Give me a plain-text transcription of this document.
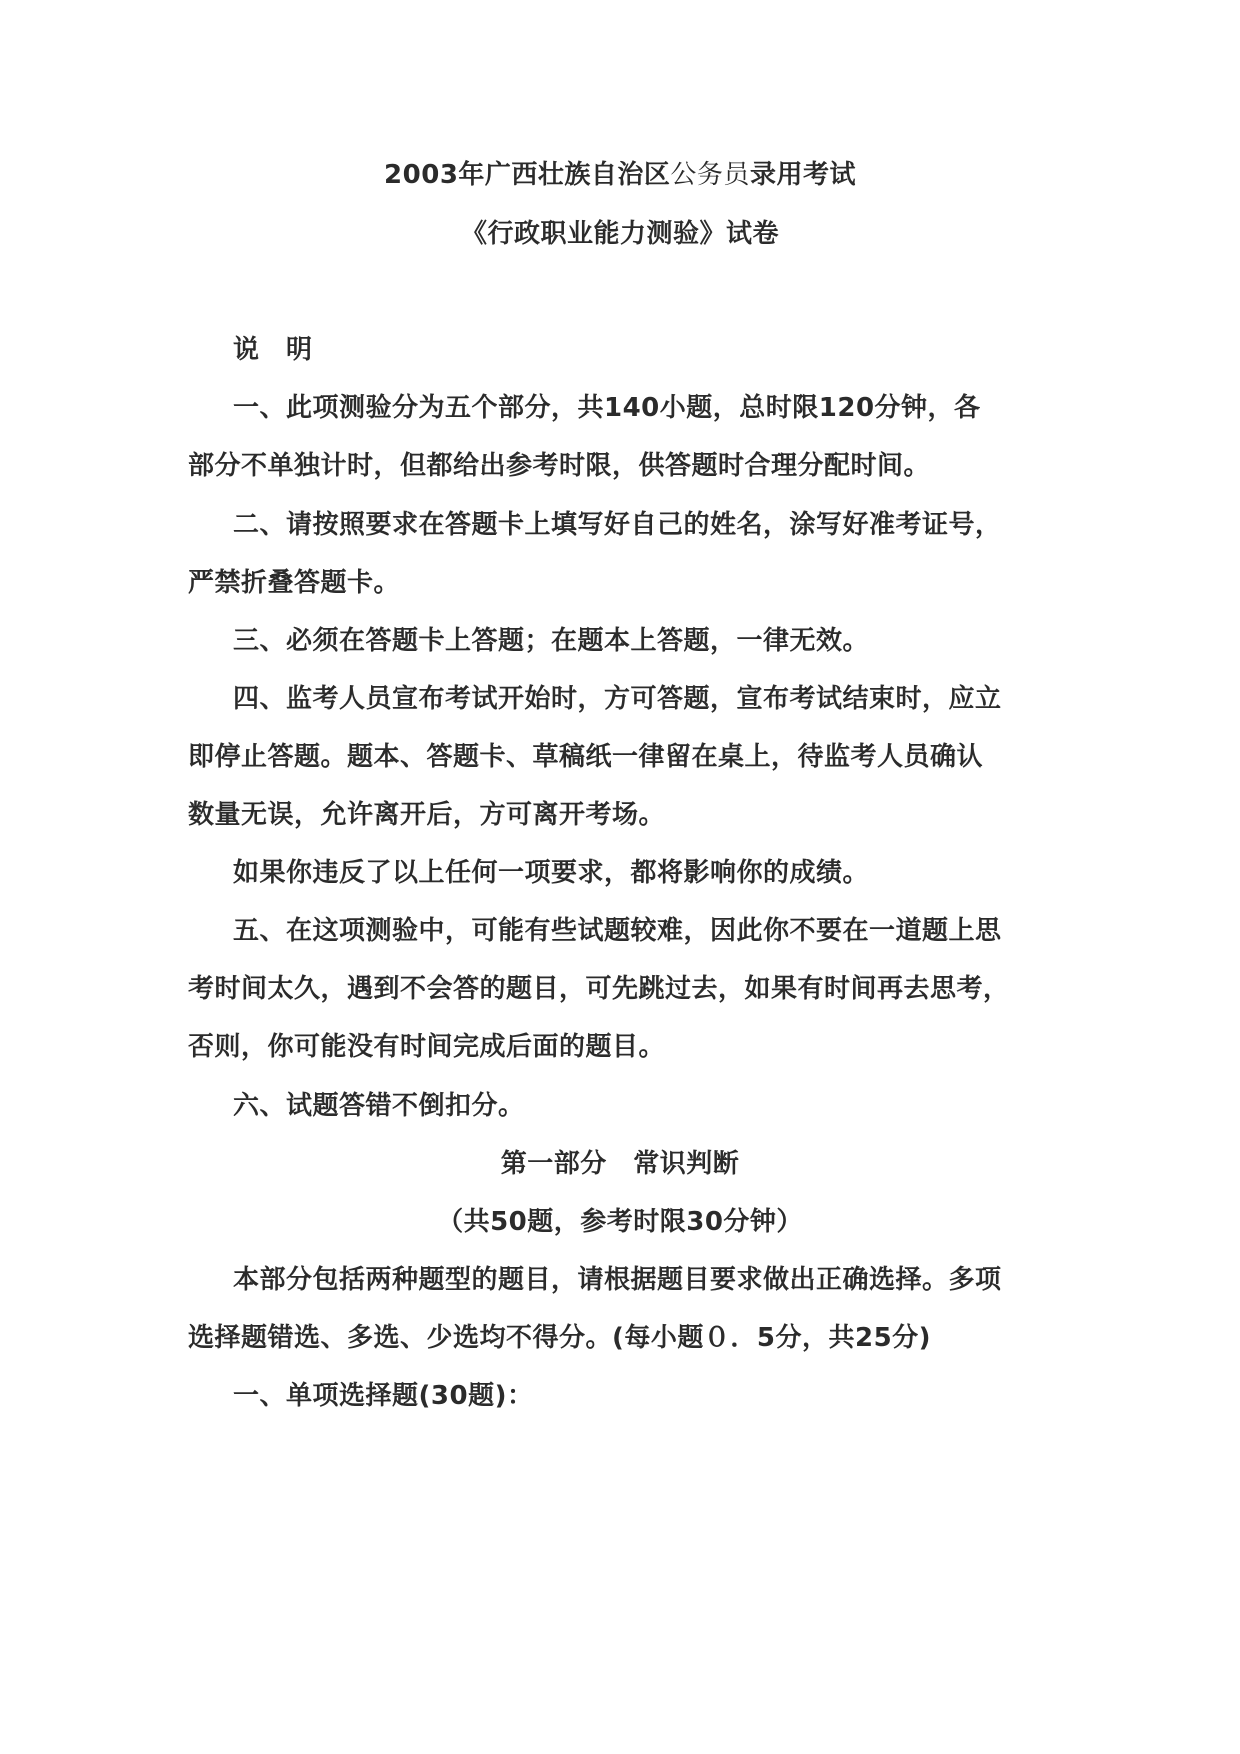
2003年广西壮族自治区公务员录用考试
《行政职业能力测验》试卷
说　明
一、此项测验分为五个部分，共140小题，总时限120分钟，各
部分不单独计时，但都给出参考时限，供答题时合理分配时间。
二、请按照要求在答题卡上填写好自己的姓名，涂写好准考证号，
严禁折叠答题卡。
三、必须在答题卡上答题；在题本上答题，一律无效。
四、监考人员宣布考试开始时，方可答题，宣布考试结束时，应立
即停止答题。题本、答题卡、草稿纸一律留在桌上，待监考人员确认
数量无误，允许离开后，方可离开考场。
如果你违反了以上任何一项要求，都将影响你的成绩。
五、在这项测验中，可能有些试题较难，因此你不要在一道题上思
考时间太久，遇到不会答的题目，可先跳过去，如果有时间再去思考，
否则，你可能没有时间完成后面的题目。
六、试题答错不倒扣分。
第一部分　常识判断
（共50题，参考时限30分钟）
本部分包括两种题型的题目，请根据题目要求做出正确选择。多项
选择题错选、多选、少选均不得分。(每小题０．5分，共25分)
一、单项选择题(30题)：
